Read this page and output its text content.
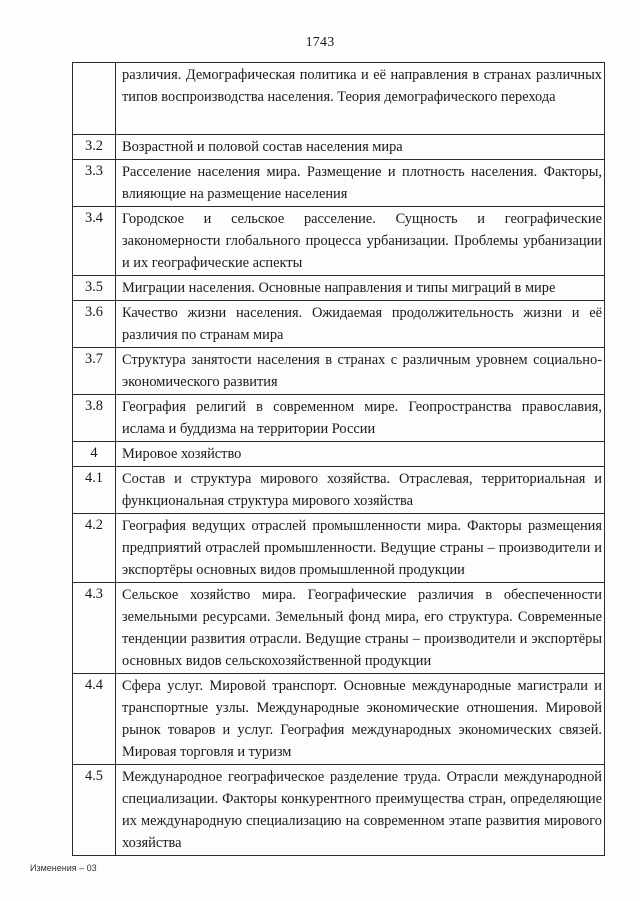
1743
	различия. Демографическая политика и её направления в странах различных типов воспроизводства населения. Теория демографического перехода
3.2	Возрастной и половой состав населения мира
3.3	Расселение населения мира. Размещение и плотность населения. Факторы, влияющие на размещение населения
3.4	Городское и сельское расселение. Сущность и географические закономерности глобального процесса урбанизации. Проблемы урбанизации и их географические аспекты
3.5	Миграции населения. Основные направления и типы миграций в мире
3.6	Качество жизни населения. Ожидаемая продолжительность жизни и её различия по странам мира
3.7	Структура занятости населения в странах с различным уровнем социально-экономического развития
3.8	География религий в современном мире. Геопространства православия, ислама и буддизма на территории России
4	Мировое хозяйство
4.1	Состав и структура мирового хозяйства. Отраслевая, территориальная и функциональная структура мирового хозяйства
4.2	География ведущих отраслей промышленности мира. Факторы размещения предприятий отраслей промышленности. Ведущие страны – производители и экспортёры основных видов промышленной продукции
4.3	Сельское хозяйство мира. Географические различия в обеспеченности земельными ресурсами. Земельный фонд мира, его структура. Современные тенденции развития отрасли. Ведущие страны – производители и экспортёры основных видов сельскохозяйственной продукции
4.4	Сфера услуг. Мировой транспорт. Основные международные магистрали и транспортные узлы. Международные экономические отношения. Мировой рынок товаров и услуг. География международных экономических связей. Мировая торговля и туризм
4.5	Международное географическое разделение труда. Отрасли международной специализации. Факторы конкурентного преимущества стран, определяющие их международную специализацию на современном этапе развития мирового хозяйства
Изменения – 03
